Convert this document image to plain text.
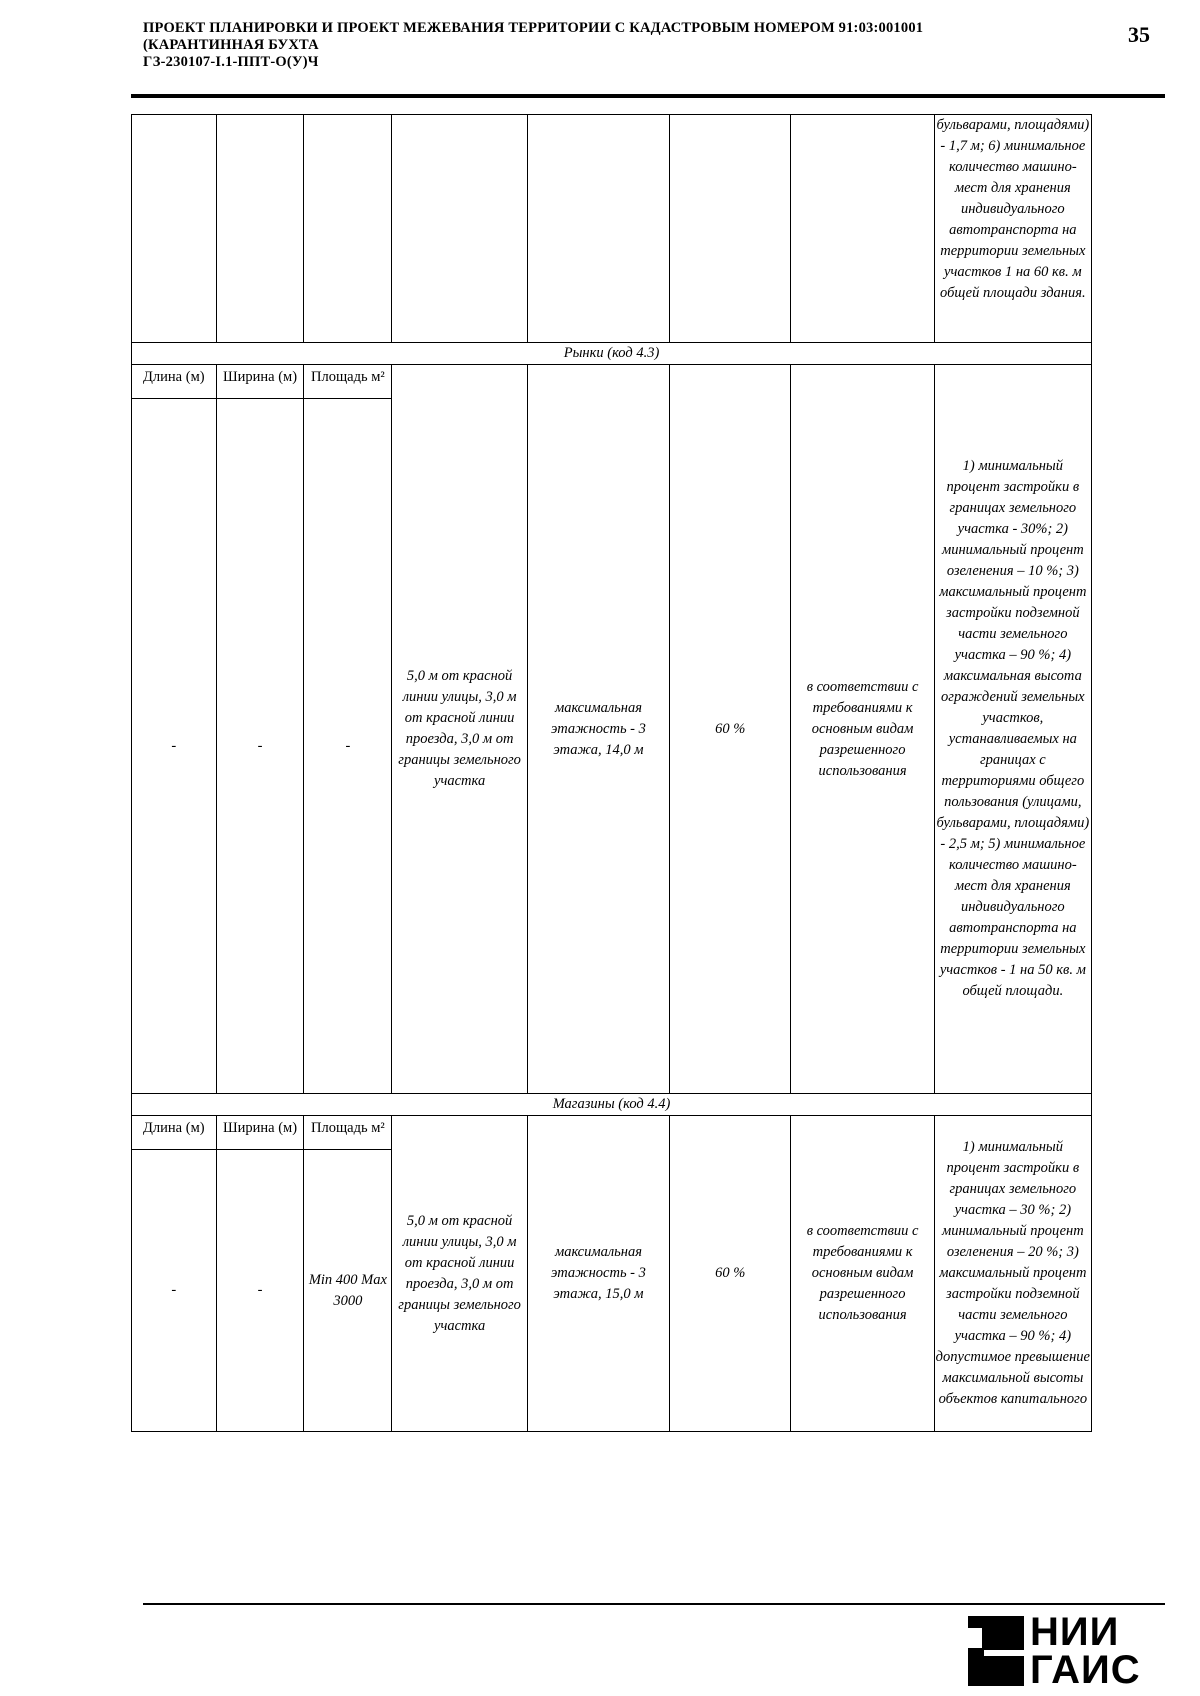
ПРОЕКТ ПЛАНИРОВКИ И ПРОЕКТ МЕЖЕВАНИЯ ТЕРРИТОРИИ С КАДАСТРОВЫМ НОМЕРОМ 91:03:001001
(КАРАНТИННАЯ БУХТА
ГЗ-230107-I.1-ППТ-О(У)Ч
35
							бульварами, площадями) - 1,7 м; 6) минимальное количество машино-мест для хранения индивидуального автотранспорта на территории земельных участков 1 на 60 кв. м общей площади здания.
Рынки (код 4.3)							
Длина (м)	Ширина (м)	Площадь м²	5,0 м от красной линии улицы, 3,0 м от красной линии проезда, 3,0 м от границы земельного участка	максимальная этажность - 3 этажа, 14,0 м	60 %	в соответствии с требованиями к основным видам разрешенного использования	1) минимальный процент застройки в границах земельного участка - 30%; 2) минимальный процент озеленения – 10 %; 3) максимальный процент застройки подземной части земельного участка – 90 %; 4) максимальная высота ограждений земельных участков, устанавливаемых на границах с территориями общего пользования (улицами, бульварами, площадями) - 2,5 м; 5) минимальное количество машино-мест для хранения индивидуального автотранспорта на территории земельных участков - 1 на 50 кв. м общей площади.
-	-	-					
Магазины (код 4.4)							
Длина (м)	Ширина (м)	Площадь м²	5,0 м от красной линии улицы, 3,0 м от красной линии проезда, 3,0 м от границы земельного участка	максимальная этажность - 3 этажа, 15,0 м	60 %	в соответствии с требованиями к основным видам разрешенного использования	1) минимальный процент застройки в границах земельного участка – 30 %; 2) минимальный процент озеленения – 20 %; 3) максимальный процент застройки подземной части земельного участка – 90 %; 4) допустимое превышение максимальной высоты объектов капитального
-	-	Min 400 Max 3000					
НИИ
ГАИС
